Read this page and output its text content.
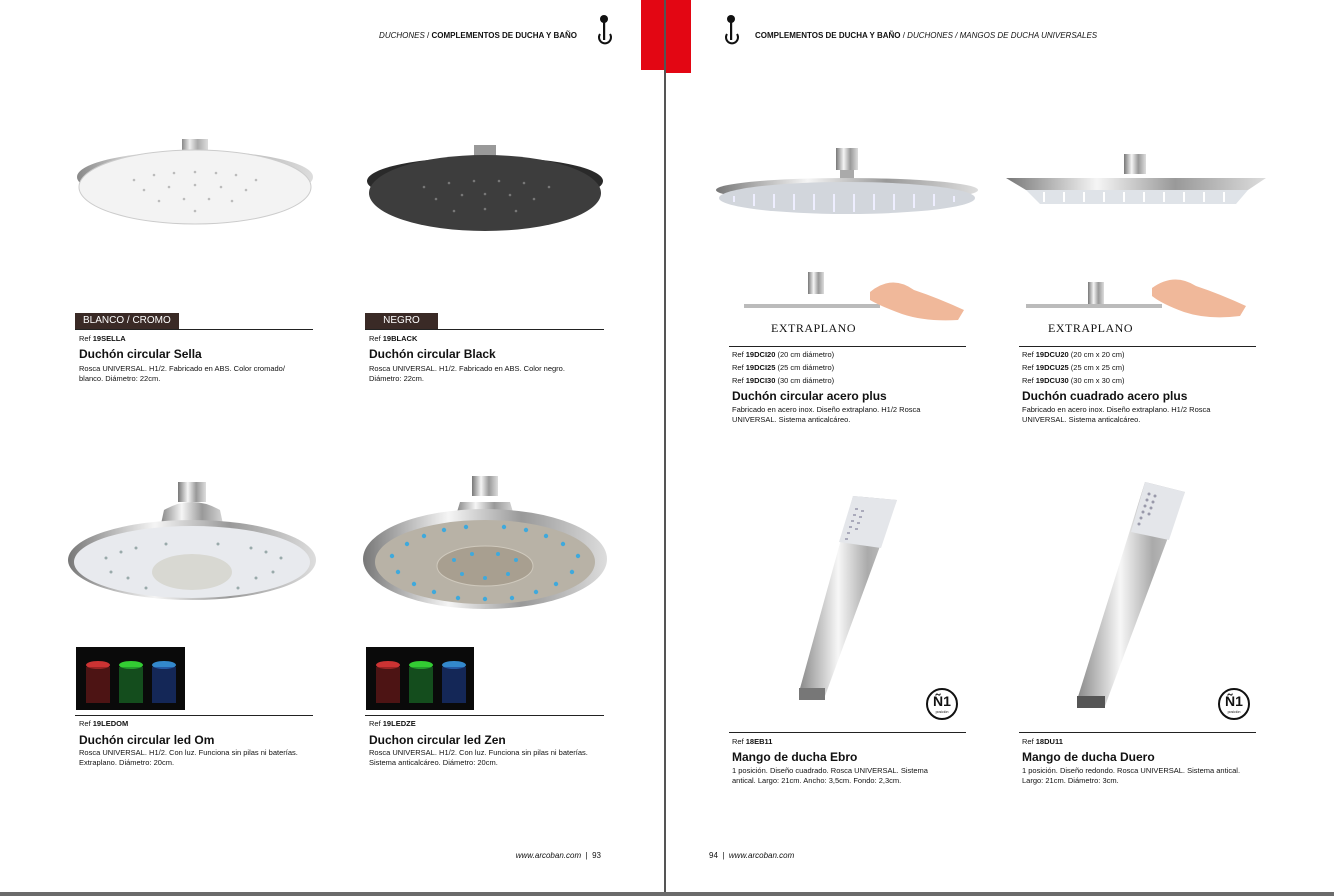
DUCHONES / COMPLEMENTOS DE DUCHA Y BAÑO	COMPLEMENTOS DE DUCHA Y BAÑO / DUCHONES / MANGOS DE DUCHA UNIVERSALES
BLANCO / CROMO
Ref 19SELLA
Duchón circular Sella
Rosca UNIVERSAL. H1/2. Fabricado en ABS. Color cromado/ blanco. Diámetro: 22cm.
NEGRO
Ref 19BLACK
Duchón circular Black
Rosca UNIVERSAL. H1/2. Fabricado en ABS. Color negro. Diámetro: 22cm.
Ref 19LEDOM
Duchón circular led Om
Rosca UNIVERSAL. H1/2. Con luz. Funciona sin pilas ni baterías. Extraplano. Diámetro: 20cm.
Ref 19LEDZE
Duchon circular led Zen
Rosca UNIVERSAL. H1/2. Con luz. Funciona sin pilas ni baterías. Sistema anticalcáreo. Diámetro: 20cm.
www.arcoban.com | 93
EXTRAPLANO	EXTRAPLANO
Ref 19DCI20 (20 cm diámetro)
Ref 19DCI25 (25 cm diámetro)
Ref 19DCI30 (30 cm diámetro)
Duchón circular acero plus
Fabricado en acero inox. Diseño extraplano. H1/2 Rosca UNIVERSAL. Sistema anticalcáreo.
Ref 19DCU20 (20 cm x 20 cm)
Ref 19DCU25 (25 cm x 25 cm)
Ref 19DCU30 (30 cm x 30 cm)
Duchón cuadrado acero plus
Fabricado en acero inox. Diseño extraplano. H1/2 Rosca UNIVERSAL. Sistema anticalcáreo.
Ñ1
posición
Ñ1
posición
Ref 18EB11
Mango de ducha Ebro
1 posición. Diseño cuadrado. Rosca UNIVERSAL. Sistema antical. Largo: 21cm. Ancho: 3,5cm. Fondo: 2,3cm.
Ref 18DU11
Mango de ducha Duero
1 posición. Diseño redondo. Rosca UNIVERSAL. Sistema antical. Largo: 21cm. Diámetro: 3cm.
94 | www.arcoban.com
